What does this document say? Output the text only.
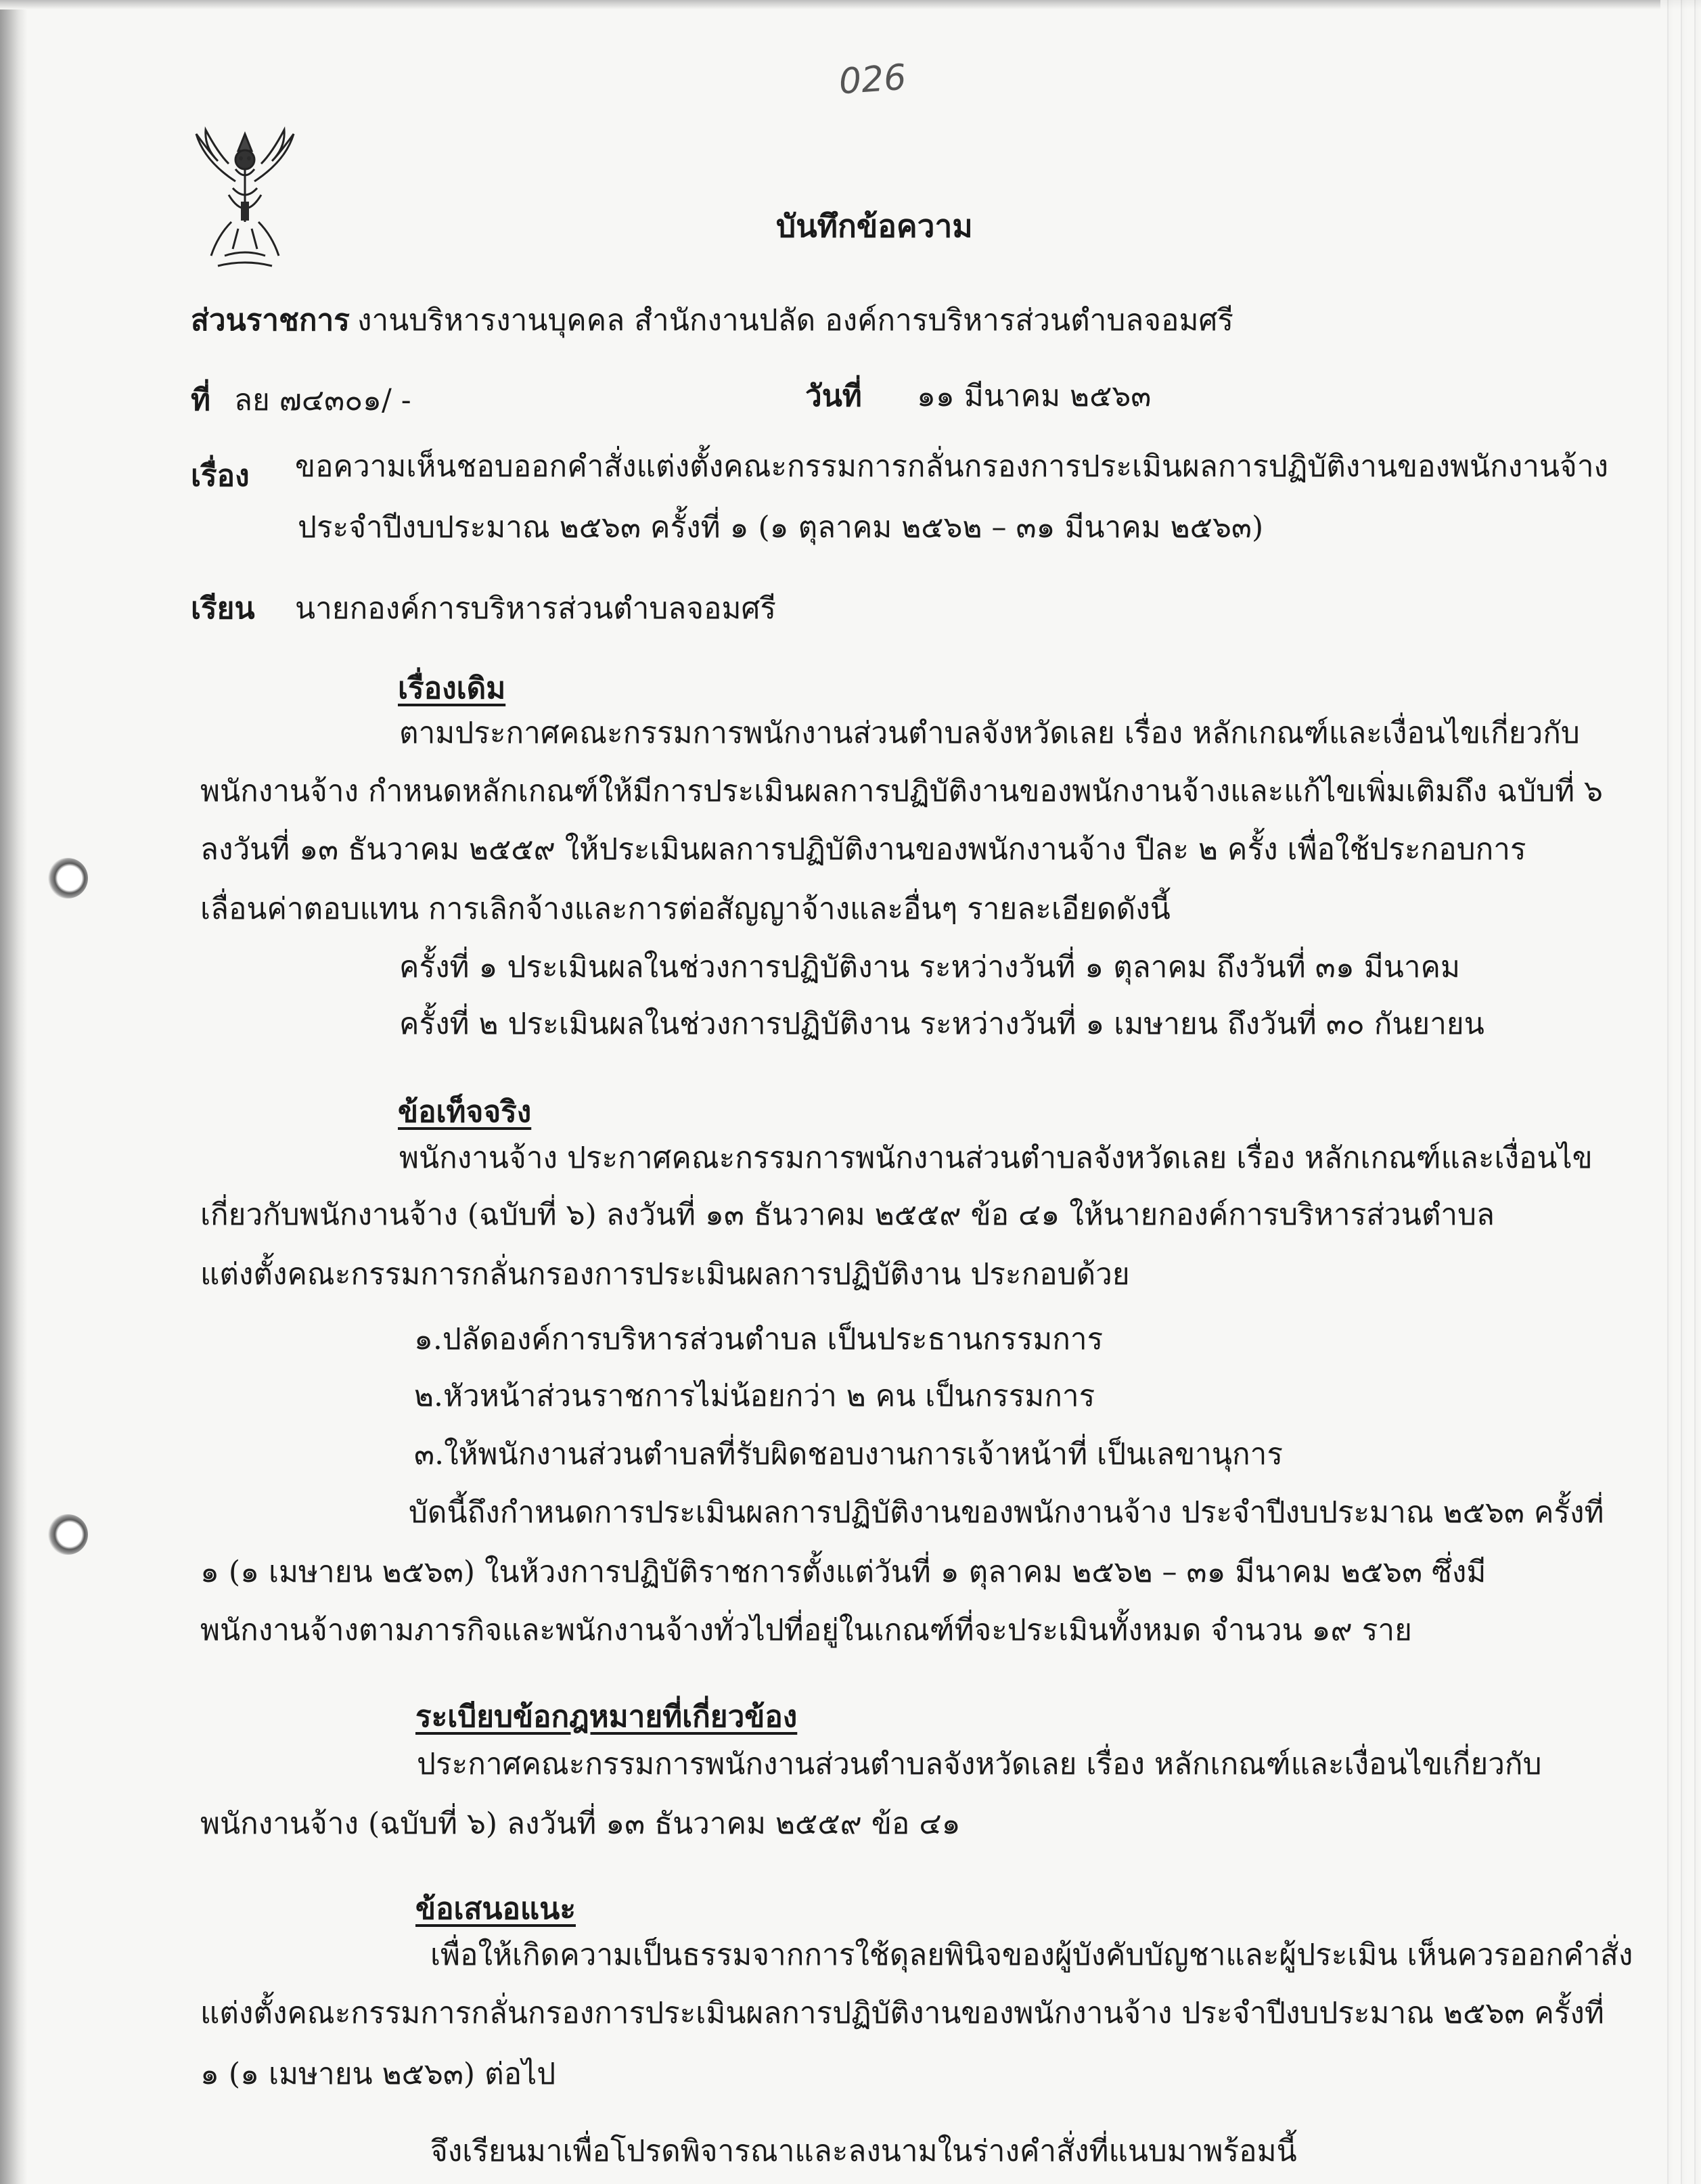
026
บันทึกข้อความ
ส่วนราชการ งานบริหารงานบุคคล สำนักงานปลัด องค์การบริหารส่วนตำบลจอมศรี
ที่ ลย ๗๔๓๐๑/ -	วันที่ ๑๑ มีนาคม ๒๕๖๓
เรื่อง ขอความเห็นชอบออกคำสั่งแต่งตั้งคณะกรรมการกลั่นกรองการประเมินผลการปฏิบัติงานของพนักงานจ้าง
ประจำปีงบประมาณ ๒๕๖๓ ครั้งที่ ๑ (๑ ตุลาคม ๒๕๖๒ – ๓๑ มีนาคม ๒๕๖๓)
เรียน นายกองค์การบริหารส่วนตำบลจอมศรี
เรื่องเดิม
ตามประกาศคณะกรรมการพนักงานส่วนตำบลจังหวัดเลย เรื่อง หลักเกณฑ์และเงื่อนไขเกี่ยวกับ
พนักงานจ้าง กำหนดหลักเกณฑ์ให้มีการประเมินผลการปฏิบัติงานของพนักงานจ้างและแก้ไขเพิ่มเติมถึง ฉบับที่ ๖
ลงวันที่ ๑๓ ธันวาคม ๒๕๕๙ ให้ประเมินผลการปฏิบัติงานของพนักงานจ้าง ปีละ ๒ ครั้ง เพื่อใช้ประกอบการ
เลื่อนค่าตอบแทน การเลิกจ้างและการต่อสัญญาจ้างและอื่นๆ รายละเอียดดังนี้
ครั้งที่ ๑ ประเมินผลในช่วงการปฏิบัติงาน ระหว่างวันที่ ๑ ตุลาคม ถึงวันที่ ๓๑ มีนาคม
ครั้งที่ ๒ ประเมินผลในช่วงการปฏิบัติงาน ระหว่างวันที่ ๑ เมษายน ถึงวันที่ ๓๐ กันยายน
ข้อเท็จจริง
พนักงานจ้าง ประกาศคณะกรรมการพนักงานส่วนตำบลจังหวัดเลย เรื่อง หลักเกณฑ์และเงื่อนไข
เกี่ยวกับพนักงานจ้าง (ฉบับที่ ๖) ลงวันที่ ๑๓ ธันวาคม ๒๕๕๙ ข้อ ๔๑ ให้นายกองค์การบริหารส่วนตำบล
แต่งตั้งคณะกรรมการกลั่นกรองการประเมินผลการปฏิบัติงาน ประกอบด้วย
๑.ปลัดองค์การบริหารส่วนตำบล เป็นประธานกรรมการ
๒.หัวหน้าส่วนราชการไม่น้อยกว่า ๒ คน เป็นกรรมการ
๓.ให้พนักงานส่วนตำบลที่รับผิดชอบงานการเจ้าหน้าที่ เป็นเลขานุการ
บัดนี้ถึงกำหนดการประเมินผลการปฏิบัติงานของพนักงานจ้าง ประจำปีงบประมาณ ๒๕๖๓ ครั้งที่
๑ (๑ เมษายน ๒๕๖๓) ในห้วงการปฏิบัติราชการตั้งแต่วันที่ ๑ ตุลาคม ๒๕๖๒ – ๓๑ มีนาคม ๒๕๖๓ ซึ่งมี
พนักงานจ้างตามภารกิจและพนักงานจ้างทั่วไปที่อยู่ในเกณฑ์ที่จะประเมินทั้งหมด จำนวน ๑๙ ราย
ระเบียบข้อกฎหมายที่เกี่ยวข้อง
ประกาศคณะกรรมการพนักงานส่วนตำบลจังหวัดเลย เรื่อง หลักเกณฑ์และเงื่อนไขเกี่ยวกับ
พนักงานจ้าง (ฉบับที่ ๖) ลงวันที่ ๑๓ ธันวาคม ๒๕๕๙ ข้อ ๔๑
ข้อเสนอแนะ
เพื่อให้เกิดความเป็นธรรมจากการใช้ดุลยพินิจของผู้บังคับบัญชาและผู้ประเมิน เห็นควรออกคำสั่ง
แต่งตั้งคณะกรรมการกลั่นกรองการประเมินผลการปฏิบัติงานของพนักงานจ้าง ประจำปีงบประมาณ ๒๕๖๓ ครั้งที่
๑ (๑ เมษายน ๒๕๖๓) ต่อไป
จึงเรียนมาเพื่อโปรดพิจารณาและลงนามในร่างคำสั่งที่แนบมาพร้อมนี้
